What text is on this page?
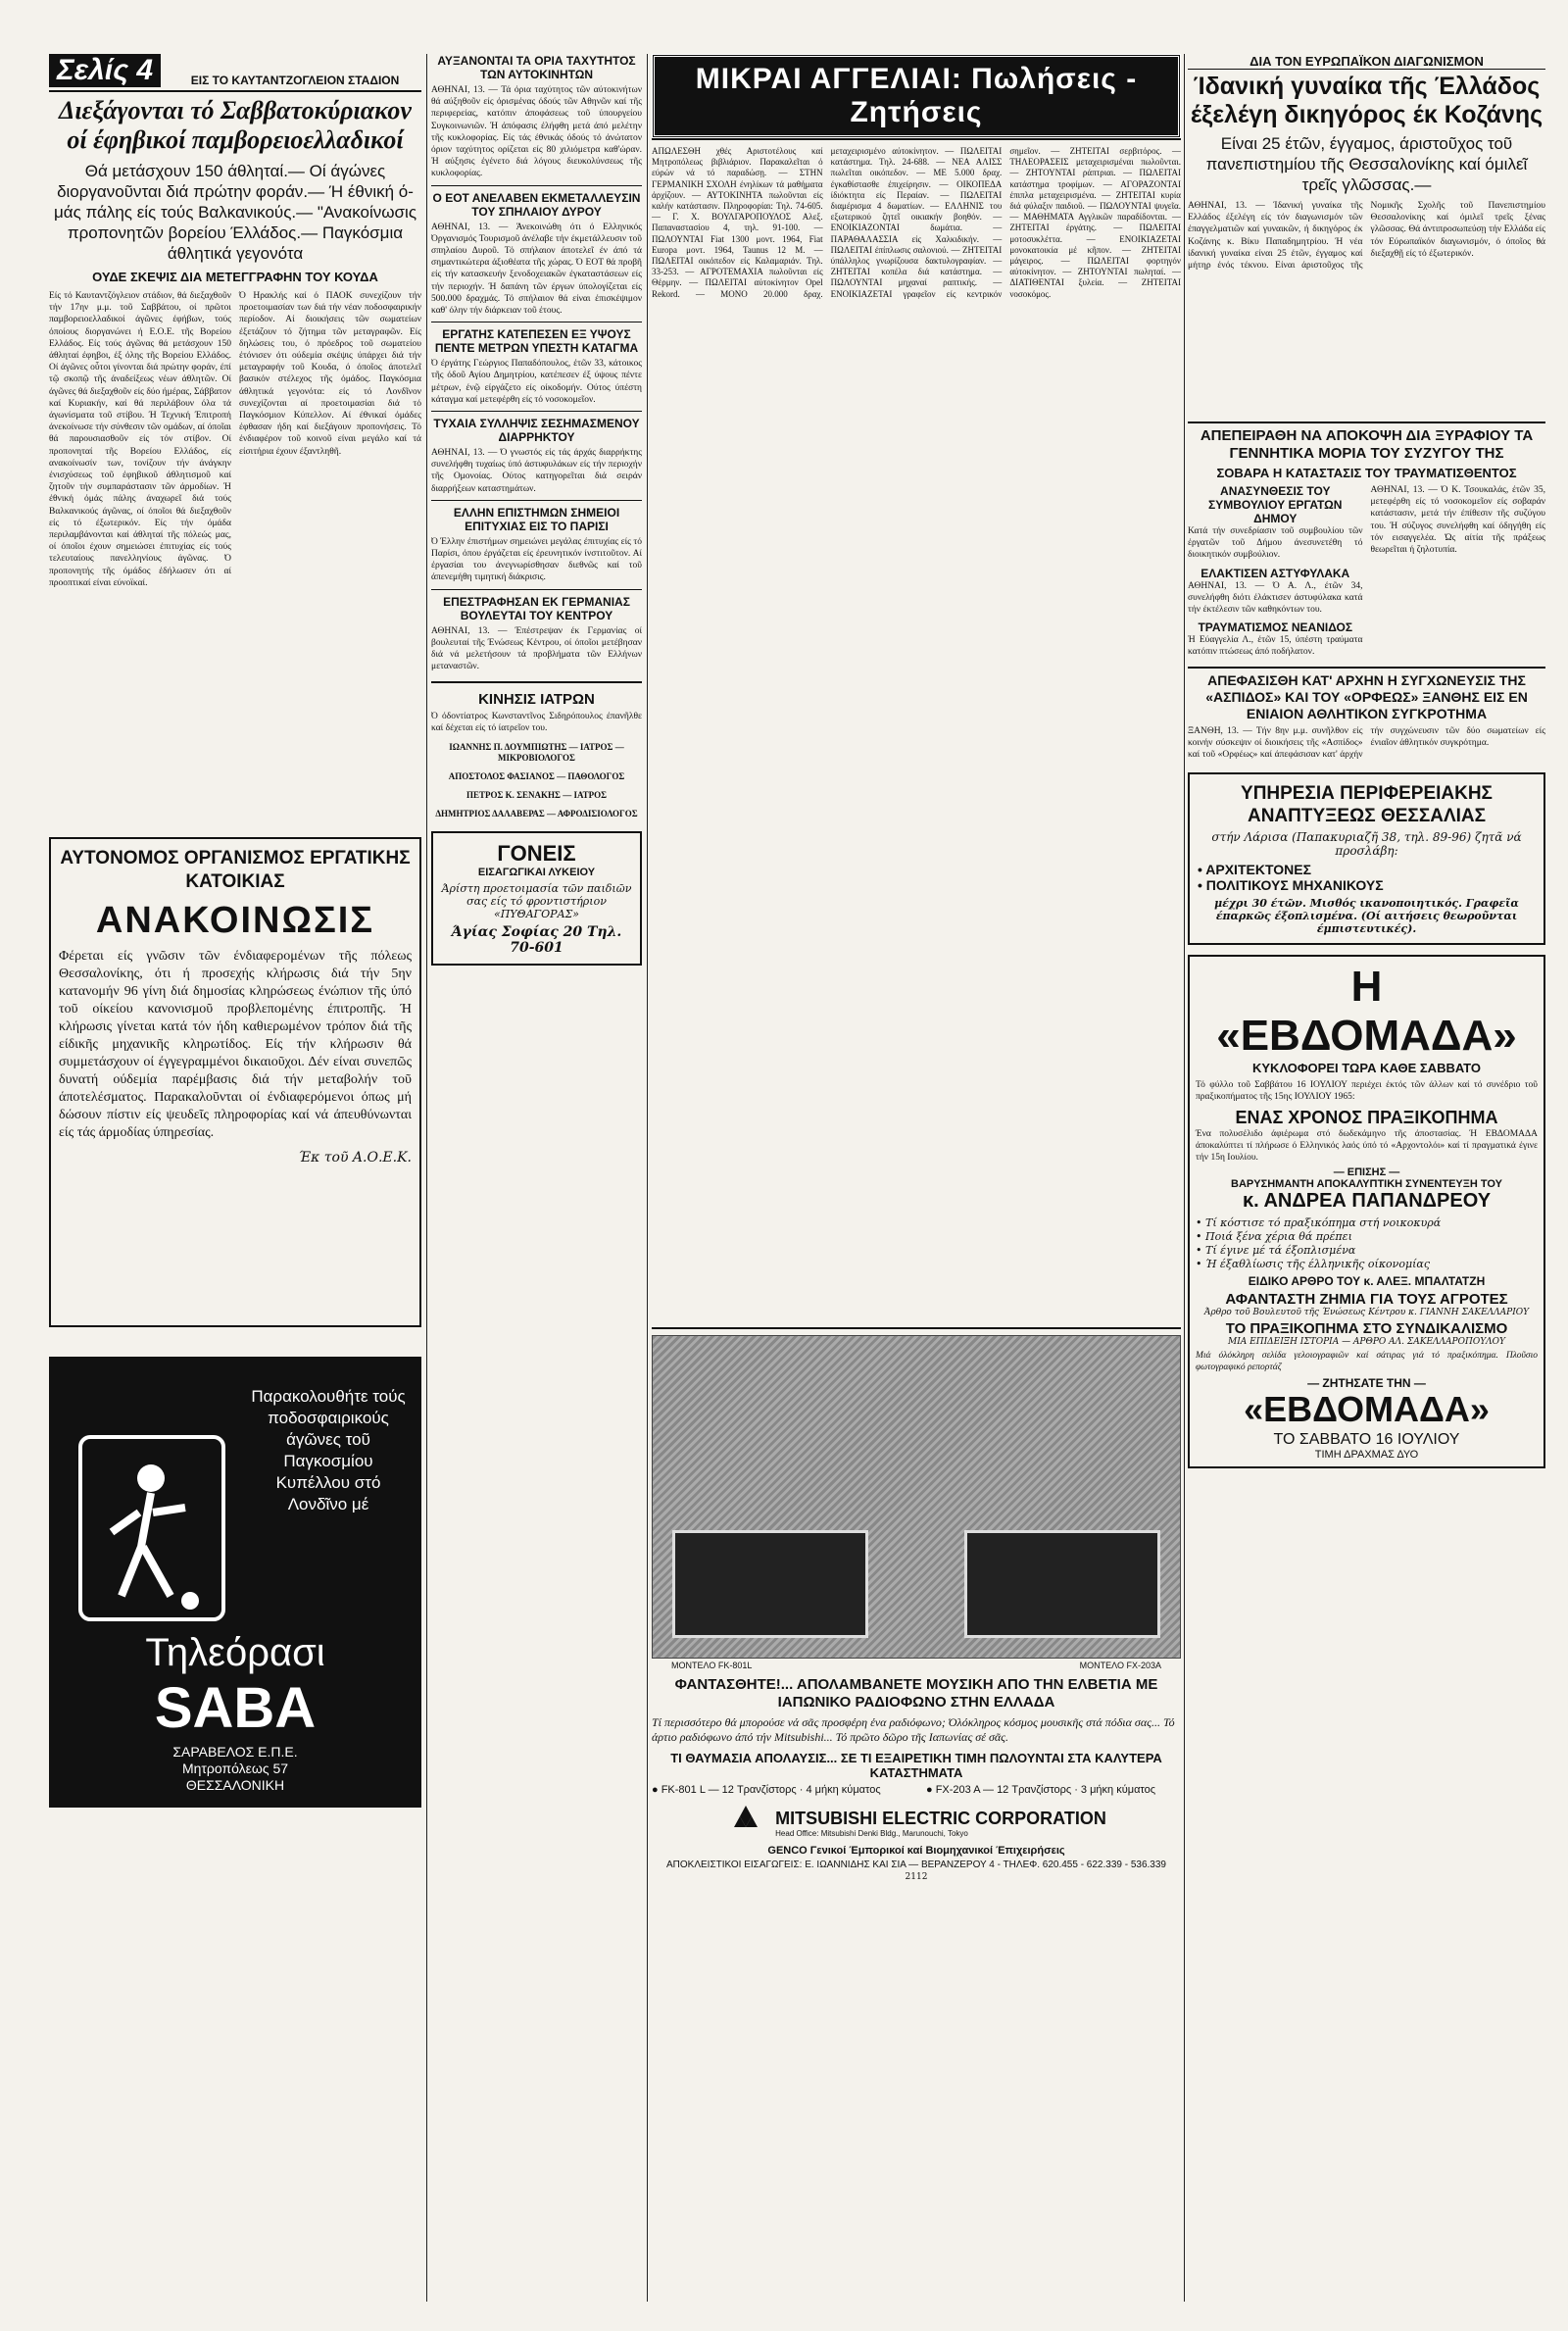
Σελίς 4	ΕΙΣ ΤΟ ΚΑΥΤΑΝΤΖΟΓΛΕΙΟΝ ΣΤΑΔΙΟΝ
Διεξάγονται τό Σαββατοκύριακον οί έφηβικοί παμβορειοελλαδικοί
Θά μετάσχουν 150 άθληταί.— Οί άγώνες διοργανοῦνται διά πρώτην φοράν.— Ή έθνική ό-μάς πάλης είς τούς Βαλκανικούς.— "Ανακοίνωσις προπονητῶν βορείου Έλλάδος.— Παγκόσμια άθλητικά γεγονότα
ΟΥΔΕ ΣΚΕΨΙΣ ΔΙΑ ΜΕΤΕΓΓΡΑΦΗΝ ΤΟΥ ΚΟΥΔΑ

Είς τό Καυταντζόγλειον στάδιον, θά διεξαχθοῦν τήν 17ην μ.μ. τοῦ Σαββάτου, οί πρῶτοι παμβορειοελλαδικοί άγῶνες έφήβων, τούς όποίους διοργανώνει ή Ε.Ο.Ε. τῆς Βορείου Ελλάδος. Είς τούς άγῶνας θά μετάσχουν 150 άθληταί έφηβοι, έξ όλης τῆς Βορείου Ελλάδος. Οί άγῶνες οὗτοι γίνονται διά πρώτην φοράν, έπί τῷ σκοπῷ τῆς άναδείξεως νέων άθλητῶν. Οί άγῶνες θά διεξαχθοῦν είς δύο ήμέρας, Σάββατον καί Κυριακήν, καί θά περιλάβουν όλα τά άγωνίσματα τοῦ στίβου. Ή Τεχνική Έπιτροπή άνεκοίνωσε τήν σύνθεσιν τῶν ομάδων, αί όποῖαι θά παρουσιασθοῦν είς τόν στίβον. Οί προπονηταί τῆς Βορείου Ελλάδος, είς ανακοίνωσίν των, τονίζουν τήν άνάγκην ένισχύσεως τοῦ έφηβικοῦ άθλητισμοῦ καί ζητοῦν τήν συμπαράστασιν τῶν άρμοδίων. Ή έθνική όμάς πάλης άναχωρεῖ διά τούς Βαλκανικούς άγῶνας, οί όποῖοι θά διεξαχθοῦν είς τό έξωτερικόν. Είς τήν όμάδα περιλαμβάνονται καί άθληταί τῆς πόλεώς μας, οί όποῖοι έχουν σημειώσει έπιτυχίας είς τούς τελευταίους πανελληνίους άγῶνας. Ό προπονητής τῆς όμάδος έδήλωσεν ότι αί προοπτικαί είναι εύνοϊκαί.

Ό Ηρακλής καί ό ΠΑΟΚ συνεχίζουν τήν προετοιμασίαν των διά τήν νέαν ποδοσφαιρικήν περίοδον. Αί διοικήσεις τῶν σωματείων έξετάζουν τό ζήτημα τῶν μεταγραφῶν. Είς δηλώσεις του, ό πρόεδρος τοῦ σωματείου έτόνισεν ότι ούδεμία σκέψις ύπάρχει διά τήν μεταγραφήν τοῦ Κουδα, ό όποῖος άποτελεῖ βασικόν στέλεχος τῆς όμάδος. Παγκόσμια άθλητικά γεγονότα: είς τό Λονδῖνον συνεχίζονται αί προετοιμασίαι διά τό Παγκόσμιον Κύπελλον. Αί έθνικαί όμάδες έφθασαν ήδη καί διεξάγουν προπονήσεις. Τό ένδιαφέρον τοῦ κοινοῦ είναι μεγάλο καί τά είσιτήρια έχουν έξαντληθῆ.

ΑΥΤΟΝΟΜΟΣ ΟΡΓΑΝΙΣΜΟΣ ΕΡΓΑΤΙΚΗΣ ΚΑΤΟΙΚΙΑΣ
ΑΝΑΚΟΙΝΩΣΙΣ

Φέρεται είς γνῶσιν τῶν ένδιαφερομένων τῆς πόλεως Θεσσαλονίκης, ότι ή προσεχής κλήρωσις διά τήν 5ην κατανομήν 96 γίνη διά δημοσίας κληρώσεως ένώπιον τῆς ύπό τοῦ οίκείου κανονισμοῦ προβλεπομένης έπιτροπῆς. Ή κλήρωσις γίνεται κατά τόν ήδη καθιερωμένον τρόπον διά τῆς είδικῆς μηχανικῆς κληρωτίδος. Είς τήν κλήρωσιν θά συμμετάσχουν οί έγγεγραμμένοι δικαιοῦχοι. Δέν είναι συνεπῶς δυνατή ούδεμία παρέμβασις διά τήν μεταβολήν τοῦ άποτελέσματος. Παρακαλοῦνται οί ένδιαφερόμενοι όπως μή δώσουν πίστιν είς ψευδεῖς πληροφορίας καί νά άπευθύνωνται είς τάς άρμοδίας ύπηρεσίας.

Έκ τοῦ Α.Ο.Ε.Κ.
Παρακολουθήτε τούς ποδοσφαιρικούς άγῶνες τοῦ Παγκοσμίου Κυπέλλου στό Λονδῖνο μέ
Τηλεόρασι
SABA
ΣΑΡΑΒΕΛΟΣ Ε.Π.Ε.
Μητροπόλεως 57
ΘΕΣΣΑΛΟΝΙΚΗ
ΑΥΞΑΝΟΝΤΑΙ ΤΑ ΟΡΙΑ ΤΑΧΥΤΗΤΟΣ ΤΩΝ ΑΥΤΟΚΙΝΗΤΩΝ

ΑΘΗΝΑΙ, 13. — Τά όρια ταχύτητος τῶν αύτοκινήτων θά αύξηθοῦν είς όρισμένας όδούς τῶν Αθηνῶν καί τῆς περιφερείας, κατόπιν άποφάσεως τοῦ ύπουργείου Συγκοινωνιῶν. Ή άπόφασις έλήφθη μετά άπό μελέτην τῆς κυκλοφορίας. Είς τάς έθνικάς όδούς τό άνώτατον όριον ταχύτητος ορίζεται είς 80 χιλιόμετρα καθ'ώραν. Ή αύξησις έγένετο διά λόγους διευκολύνσεως τῆς κυκλοφορίας.

Ο ΕΟΤ ΑΝΕΛΑΒΕΝ ΕΚΜΕΤΑΛΛΕΥΣΙΝ ΤΟΥ ΣΠΗΛΑΙΟΥ ΔΥΡΟΥ

ΑΘΗΝΑΙ, 13. — Άνεκοινώθη ότι ό Ελληνικός Όργανισμός Τουρισμοῦ άνέλαβε τήν έκμετάλλευσιν τοῦ σπηλαίου Δυροῦ. Τό σπήλαιον άποτελεῖ έν άπό τά σημαντικώτερα άξιοθέατα τῆς χώρας. Ό ΕΟΤ θά προβῆ είς τήν κατασκευήν ξενοδοχειακῶν έγκαταστάσεων είς τήν περιοχήν. Ή δαπάνη τῶν έργων ύπολογίζεται είς 500.000 δραχμάς. Τό σπήλαιον θά είναι έπισκέψιμον καθ' όλην τήν διάρκειαν τοῦ έτους.

ΕΡΓΑΤΗΣ ΚΑΤΕΠΕΣΕΝ ΕΞ ΥΨΟΥΣ ΠΕΝΤΕ ΜΕΤΡΩΝ ΥΠΕΣΤΗ ΚΑΤΑΓΜΑ

Ό έργάτης Γεώργιος Παπαδόπουλος, έτῶν 33, κάτοικος τῆς όδοῦ Αγίου Δημητρίου, κατέπεσεν έξ ύψους πέντε μέτρων, ένῷ είργάζετο είς οίκοδομήν. Ούτος ύπέστη κάταγμα καί μετεφέρθη είς τό νοσοκομεῖον.

ΤΥΧΑΙΑ ΣΥΛΛΗΨΙΣ ΣΕΣΗΜΑΣΜΕΝΟΥ ΔΙΑΡΡΗΚΤΟΥ

ΑΘΗΝΑΙ, 13. — Ό γνωστός είς τάς άρχάς διαρρήκτης συνελήφθη τυχαίως ύπό άστυφυλάκων είς τήν περιοχήν τῆς Ομονοίας. Ούτος κατηγορεῖται διά σειράν διαρρήξεων καταστημάτων.

ΕΛΛΗΝ ΕΠΙΣΤΗΜΩΝ ΣΗΜΕΙΟΙ ΕΠΙΤΥΧΙΑΣ ΕΙΣ ΤΟ ΠΑΡΙΣΙ

Ό Έλλην έπιστήμων σημειώνει μεγάλας έπιτυχίας είς τό Παρίσι, όπου έργάζεται είς έρευνητικόν ίνστιτοῦτον. Αί έργασίαι του άνεγνωρίσθησαν διεθνῶς καί τοῦ άπενεμήθη τιμητική διάκρισις.

ΕΠΕΣΤΡΑΦΗΣΑΝ ΕΚ ΓΕΡΜΑΝΙΑΣ ΒΟΥΛΕΥΤΑΙ ΤΟΥ ΚΕΝΤΡΟΥ

ΑΘΗΝΑΙ, 13. — Έπέστρεψαν έκ Γερμανίας οί βουλευταί τῆς Ένώσεως Κέντρου, οί όποῖοι μετέβησαν διά νά μελετήσουν τά προβλήματα τῶν Ελλήνων μεταναστῶν.

ΚΙΝΗΣΙΣ ΙΑΤΡΩΝ

Ό όδοντίατρος Κωνσταντῖνος Σιδηρόπουλος έπανῆλθε καί δέχεται είς τό ίατρεῖον του.

ΙΩΑΝΝΗΣ Π. ΔΟΥΜΠΙΩΤΗΣ — ΙΑΤΡΟΣ — ΜΙΚΡΟΒΙΟΛΟΓΟΣ
ΑΠΟΣΤΟΛΟΣ ΦΑΣΙΑΝΟΣ — ΠΑΘΟΛΟΓΟΣ
ΠΕΤΡΟΣ Κ. ΣΕΝΑΚΗΣ — ΙΑΤΡΟΣ
ΔΗΜΗΤΡΙΟΣ ΔΑΛΑΒΕΡΑΣ — ΑΦΡΟΔΙΣΙΟΛΟΓΟΣ
ΓΟΝΕΙΣ
ΕΙΣΑΓΩΓΙΚΑΙ ΛΥΚΕΙΟΥ
Άρίστη προετοιμασία τῶν παιδιῶν σας είς τό φροντιστήριον «ΠΥΘΑΓΟΡΑΣ»
Άγίας Σοφίας 20 Τηλ. 70-601
ΜΙΚΡΑΙ ΑΓΓΕΛΙΑΙ: Πωλήσεις - Ζητήσεις
ΑΠΩΛΕΣΘΗ χθές Αριστοτέλους καί Μητροπόλεως βιβλιάριον. Παρακαλεῖται ό εύρών νά τό παραδώσῃ. — ΣΤΗΝ ΓΕΡΜΑΝΙΚΗ ΣΧΟΛΗ ένηλίκων τά μαθήματα άρχίζουν. — ΑΥΤΟΚΙΝΗΤΑ πωλοῦνται είς καλήν κατάστασιν. Πληροφορίαι: Τηλ. 74-605. — Γ. Χ. ΒΟΥΛΓΑΡΟΠΟΥΛΟΣ Αλεξ. Παπαναστασίου 4, τηλ. 91-100. — ΠΩΛΟΥΝΤΑΙ Fiat 1300 μοντ. 1964, Fiat Europa μοντ. 1964, Taunus 12 M. — ΠΩΛΕΙΤΑΙ οικόπεδον είς Καλαμαριάν. Τηλ. 33-253. — ΑΓΡΟΤΕΜΑΧΙΑ πωλοῦνται είς Θέρμην. — ΠΩΛΕΙΤΑΙ αύτοκίνητον Opel Rekord. — ΜΟΝΟ 20.000 δραχ. μεταχειρισμένο αύτοκίνητον. — ΠΩΛΕΙΤΑΙ κατάστημα. Τηλ. 24-688. — ΝΕΑ ΑΛΙΣΣ πωλεῖται οικόπεδον. — ΜΕ 5.000 δραχ. έγκαθίστασθε έπιχείρησιν. — ΟΙΚΟΠΕΔΑ ίδιόκτητα είς Περαίαν. — ΠΩΛΕΙΤΑΙ διαμέρισμα 4 δωματίων. — ΕΛΛΗΝΙΣ του εξωτερικού ζητεῖ οικιακήν βοηθόν. — ΕΝΟΙΚΙΑΖΟΝΤΑΙ δωμάτια. — ΠΑΡΑΘΑΛΑΣΣΙΑ είς Χαλκιδικήν. — ΠΩΛΕΙΤΑΙ έπίπλωσις σαλονιού. — ΖΗΤΕΙΤΑΙ ύπάλληλος γνωρίζουσα δακτυλογραφίαν. — ΖΗΤΕΙΤΑΙ κοπέλα διά κατάστημα. — ΠΩΛΟΥΝΤΑΙ μηχαναί ραπτικής. — ΕΝΟΙΚΙΑΖΕΤΑΙ γραφεῖον είς κεντρικόν σημεῖον. — ΖΗΤΕΙΤΑΙ σερβιτόρος. — ΤΗΛΕΟΡΑΣΕΙΣ μεταχειρισμέναι πωλοῦνται. — ΖΗΤΟΥΝΤΑΙ ράπτριαι. — ΠΩΛΕΙΤΑΙ κατάστημα τροφίμων. — ΑΓΟΡΑΖΟΝΤΑΙ έπιπλα μεταχειρισμένα. — ΖΗΤΕΙΤΑΙ κυρία διά φύλαξιν παιδιοῦ. — ΠΩΛΟΥΝΤΑΙ ψυγεῖα. — ΜΑΘΗΜΑΤΑ Αγγλικῶν παραδίδονται. — ΖΗΤΕΙΤΑΙ έργάτης. — ΠΩΛΕΙΤΑΙ μοτοσυκλέττα. — ΕΝΟΙΚΙΑΖΕΤΑΙ μονοκατοικία μέ κῆπον. — ΖΗΤΕΙΤΑΙ μάγειρος. — ΠΩΛΕΙΤΑΙ φορτηγόν αύτοκίνητον. — ΖΗΤΟΥΝΤΑΙ πωληταί. — ΔΙΑΤΙΘΕΝΤΑΙ ξυλεία. — ΖΗΤΕΙΤΑΙ νοσοκόμος.
ΜΟΝΤΕΛΟ FK-801L	ΜΟΝΤΕΛΟ FX-203A
ΦΑΝΤΑΣΘΗΤΕ!... ΑΠΟΛΑΜΒΑΝΕΤΕ ΜΟΥΣΙΚΗ ΑΠΟ ΤΗΝ ΕΛΒΕΤΙΑ ΜΕ ΙΑΠΩΝΙΚΟ ΡΑΔΙΟΦΩΝΟ ΣΤΗΝ ΕΛΛΑΔΑ

Τί περισσότερο θά μπορούσε νά σᾶς προσφέρη ένα ραδιόφωνο; Όλόκληρος κόσμος μουσικῆς στά πόδια σας... Τό άρτιο ραδιόφωνο άπό τήν Mitsubishi... Τό πρῶτο δῶρο τῆς Ιαπωνίας σέ σᾶς.

ΤΙ ΘΑΥΜΑΣΙΑ ΑΠΟΛΑΥΣΙΣ... ΣΕ ΤΙ ΕΞΑΙΡΕΤΙΚΗ ΤΙΜΗ ΠΩΛΟΥΝΤΑΙ ΣΤΑ ΚΑΛΥΤΕΡΑ ΚΑΤΑΣΤΗΜΑΤΑ
● FK-801 L — 12 Τρανζίστορς · 4 μήκη κύματος	● FX-203 A — 12 Τρανζίστορς · 3 μήκη κύματος
MITSUBISHI ELECTRIC CORPORATION
Head Office: Mitsubishi Denki Bldg., Marunouchi, Tokyo
GENCO Γενικοί Έμπορικοί καί Βιομηχανικοί Έπιχειρήσεις
ΑΠΟΚΛΕΙΣΤΙΚΟΙ ΕΙΣΑΓΩΓΕΙΣ: Ε. ΙΩΑΝΝΙΔΗΣ ΚΑΙ ΣΙΑ — ΒΕΡΑΝΖΕΡΟΥ 4 - ΤΗΛΕΦ. 620.455 - 622.339 - 536.339
2112
ΔΙΑ ΤΟΝ ΕΥΡΩΠΑΪΚΟΝ ΔΙΑΓΩΝΙΣΜΟΝ
Ίδανική γυναίκα τῆς Έλλάδος έξελέγη δικηγόρος έκ Κοζάνης
Είναι 25 έτῶν, έγγαμος, άριστοῦχος τοῦ πανεπιστημίου τῆς Θεσσαλονίκης καί όμιλεῖ τρεῖς γλῶσσας.—

ΑΘΗΝΑΙ, 13. — Ίδανική γυναίκα τῆς Ελλάδος έξελέγη είς τόν διαγωνισμόν τῶν έπαγγελματιῶν καί γυναικῶν, ή δικηγόρος έκ Κοζάνης κ. Βίκυ Παπαδημητρίου. Ή νέα ίδανική γυναίκα είναι 25 έτῶν, έγγαμος καί μήτηρ ένός τέκνου. Είναι άριστοῦχος τῆς Νομικῆς Σχολῆς τοῦ Πανεπιστημίου Θεσσαλονίκης καί όμιλεῖ τρεῖς ξένας γλῶσσας. Θά άντιπροσωπεύσῃ τήν Ελλάδα είς τόν Εύρωπαϊκόν διαγωνισμόν, ό όποῖος θά διεξαχθῇ είς τό έξωτερικόν.

ΑΠΕΠΕΙΡΑΘΗ ΝΑ ΑΠΟΚΟΨΗ ΔΙΑ ΞΥΡΑΦΙΟΥ ΤΑ ΓΕΝΝΗΤΙΚΑ ΜΟΡΙΑ ΤΟΥ ΣΥΖΥΓΟΥ ΤΗΣ
ΣΟΒΑΡΑ Η ΚΑΤΑΣΤΑΣΙΣ ΤΟΥ ΤΡΑΥΜΑΤΙΣΘΕΝΤΟΣ
ΑΝΑΣΥΝΘΕΣΙΣ ΤΟΥ ΣΥΜΒΟΥΛΙΟΥ ΕΡΓΑΤΩΝ ΔΗΜΟΥ

Κατά τήν συνεδρίασιν τοῦ συμβουλίου τῶν έργατῶν τοῦ Δήμου άνεσυνετέθη τό διοικητικόν συμβούλιον.

ΕΛΑΚΤΙΣΕΝ ΑΣΤΥΦΥΛΑΚΑ

ΑΘΗΝΑΙ, 13. — Ό Α. Λ., έτῶν 34, συνελήφθη διότι έλάκτισεν άστυφύλακα κατά τήν έκτέλεσιν τῶν καθηκόντων του.

ΤΡΑΥΜΑΤΙΣΜΟΣ ΝΕΑΝΙΔΟΣ

Ή Εύαγγελία Λ., έτῶν 15, ύπέστη τραύματα κατόπιν πτώσεως άπό ποδήλατον.

ΑΘΗΝΑΙ, 13. — Ό Κ. Τσουκαλάς, έτῶν 35, μετεφέρθη είς τό νοσοκομεῖον είς σοβαράν κατάστασιν, μετά τήν έπίθεσιν τῆς συζύγου του. Ή σύζυγος συνελήφθη καί όδηγήθη είς τόν εισαγγελέα. Ώς αίτία τῆς πράξεως θεωρεῖται ή ζηλοτυπία.

ΑΠΕΦΑΣΙΣΘΗ ΚΑΤ' ΑΡΧΗΝ Η ΣΥΓΧΩΝΕΥΣΙΣ ΤΗΣ «ΑΣΠΙΔΟΣ» ΚΑΙ ΤΟΥ «ΟΡΦΕΩΣ» ΞΑΝΘΗΣ ΕΙΣ ΕΝ ΕΝΙΑΙΟΝ ΑΘΛΗΤΙΚΟΝ ΣΥΓΚΡΟΤΗΜΑ

ΞΑΝΘΗ, 13. — Τήν 8ην μ.μ. συνῆλθον είς κοινήν σύσκεψιν οί διοικήσεις τῆς «Ασπίδος» καί τοῦ «Ορφέως» καί άπεφάσισαν κατ' άρχήν τήν συγχώνευσιν τῶν δύο σωματείων είς ένιαῖον άθλητικόν συγκρότημα.

ΥΠΗΡΕΣΙΑ ΠΕΡΙΦΕΡΕΙΑΚΗΣ ΑΝΑΠΤΥΞΕΩΣ ΘΕΣΣΑΛΙΑΣ
στήν Λάρισα (Παπακυριαζῆ 38, τηλ. 89-96) ζητᾶ νά προσλάβη:
• ΑΡΧΙΤΕΚΤΟΝΕΣ
• ΠΟΛΙΤΙΚΟΥΣ ΜΗΧΑΝΙΚΟΥΣ
μέχρι 30 έτῶν. Μισθός ικανοποιητικός. Γραφεῖα έπαρκῶς έξοπλισμένα. (Οί αιτήσεις θεωροῦνται έμπιστευτικές).
Η «ΕΒΔΟΜΑΔΑ»
ΚΥΚΛΟΦΟΡΕΙ ΤΩΡΑ ΚΑΘΕ ΣΑΒΒΑΤΟ

Τό φύλλο τοῦ Σαββάτου 16 ΙΟΥΛΙΟΥ περιέχει έκτός τῶν άλλων καί τό συνέδριο τοῦ πραξικοπήματος τῆς 15ης ΙΟΥΛΙΟΥ 1965:

ΕΝΑΣ ΧΡΟΝΟΣ ΠΡΑΞΙΚΟΠΗΜΑ

Ένα πολυσέλιδο άφιέρωμα στό δωδεκάμηνο τῆς άποστασίας. Ή ΕΒΔΟΜΑΔΑ άποκαλύπτει τί πλήρωσε ό Ελληνικός λαός ύπό τό «Αρχοντολόι» καί τί πραγματικά έγινε τήν 15η Ιουλίου.

— ΕΠΙΣΗΣ —
ΒΑΡΥΣΗΜΑΝΤΗ ΑΠΟΚΑΛΥΠΤΙΚΗ ΣΥΝΕΝΤΕΥΞΗ ΤΟΥ
κ. ΑΝΔΡΕΑ ΠΑΠΑΝΔΡΕΟΥ
• Τί κόστισε τό πραξικόπημα στή νοικοκυρά
• Ποιά ξένα χέρια θά πρέπει
• Τί έγινε μέ τά έξοπλισμένα
• Ή έξαθλίωσις τῆς έλληνικῆς οίκονομίας
ΕΙΔΙΚΟ ΑΡΘΡΟ ΤΟΥ κ. ΑΛΕΞ. ΜΠΑΛΤΑΤΖΗ
ΑΦΑΝΤΑΣΤΗ ΖΗΜΙΑ ΓΙΑ ΤΟΥΣ ΑΓΡΟΤΕΣ
Άρθρο τοῦ Βουλευτοῦ τῆς Ένώσεως Κέντρου κ. ΓΙΑΝΝΗ ΣΑΚΕΛΛΑΡΙΟΥ
ΤΟ ΠΡΑΞΙΚΟΠΗΜΑ ΣΤΟ ΣΥΝΔΙΚΑΛΙΣΜΟ
ΜΙΑ ΕΠΙΔΕΙΞΗ ΙΣΤΟΡΙΑ — ΑΡΘΡΟ ΑΛ. ΣΑΚΕΛΛΑΡΟΠΟΥΛΟΥ

Μιά όλόκληρη σελίδα γελοιογραφιῶν καί σάτιρας γιά τό πραξικόπημα. Πλοῦσιο φωτογραφικό ρεπορτάζ

— ΖΗΤΗΣΑΤΕ ΤΗΝ —
«ΕΒΔΟΜΑΔΑ»
ΤΟ ΣΑΒΒΑΤΟ 16 ΙΟΥΛΙΟΥ
ΤΙΜΗ ΔΡΑΧΜΑΣ ΔΥΟ
